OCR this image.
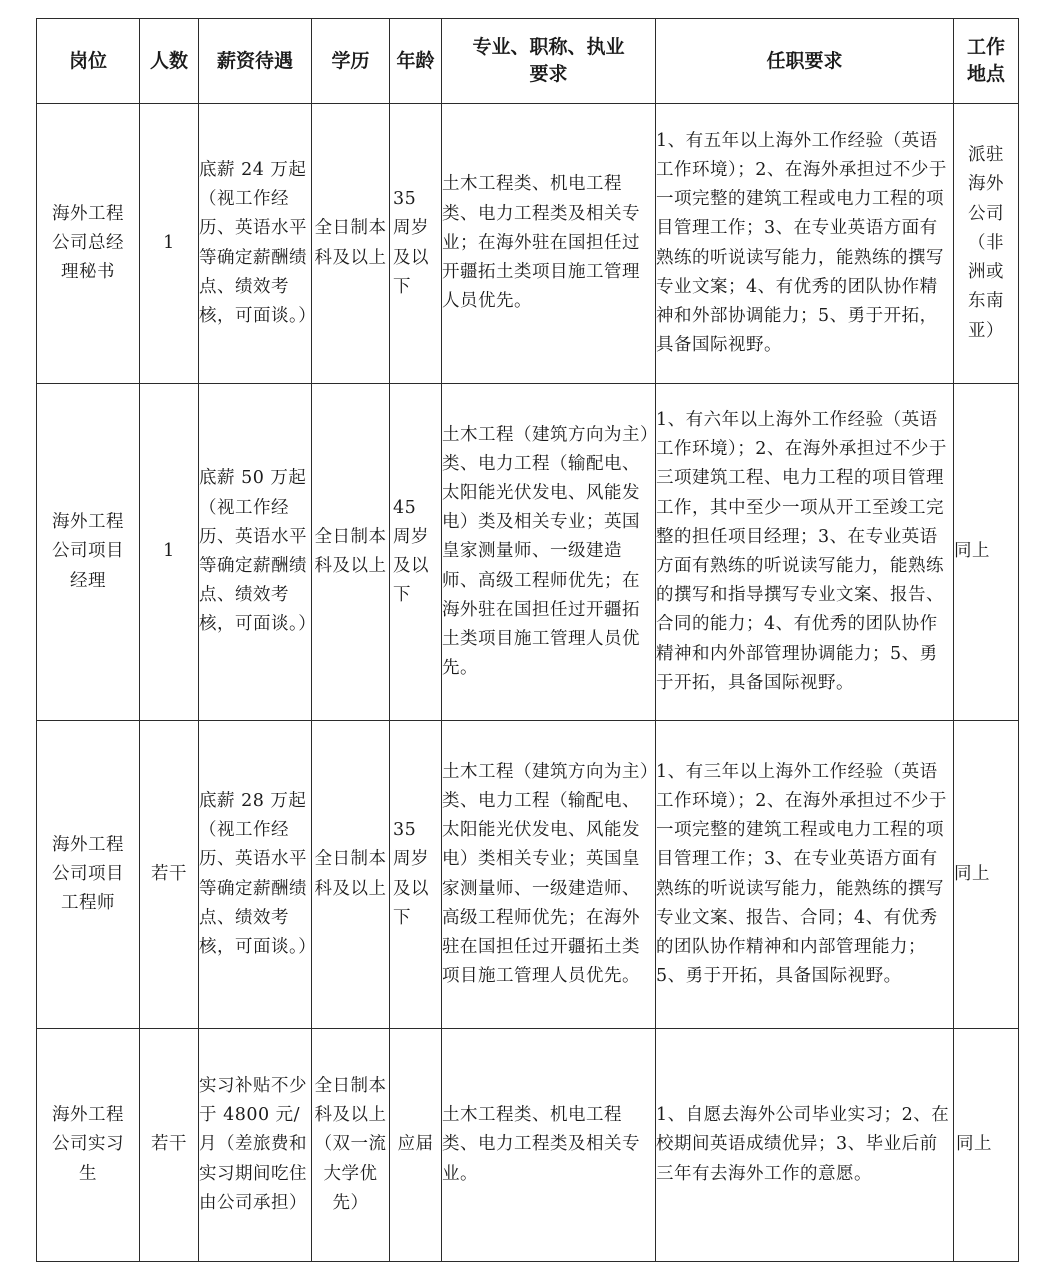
岗位	人数	薪资待遇	学历	年龄	专业、职称、执业要求	任职要求	工作地点
海外工程公司总经理秘书	1	底薪 24 万起（视工作经历、英语水平等确定薪酬绩点、绩效考核，可面谈。）	全日制本科及以上	35 周岁及以下	土木工程类、机电工程类、电力工程类及相关专业；在海外驻在国担任过开疆拓土类项目施工管理人员优先。	1、有五年以上海外工作经验（英语工作环境）；2、在海外承担过不少于一项完整的建筑工程或电力工程的项目管理工作；3、在专业英语方面有熟练的听说读写能力，能熟练的撰写专业文案；4、有优秀的团队协作精神和外部协调能力；5、勇于开拓，具备国际视野。	派驻海外公司（非洲或东南亚）
海外工程公司项目经理	1	底薪 50 万起（视工作经历、英语水平等确定薪酬绩点、绩效考核，可面谈。）	全日制本科及以上	45 周岁及以下	土木工程（建筑方向为主）类、电力工程（输配电、太阳能光伏发电、风能发电）类及相关专业；英国皇家测量师、一级建造师、高级工程师优先；在海外驻在国担任过开疆拓土类项目施工管理人员优先。	1、有六年以上海外工作经验（英语工作环境）；2、在海外承担过不少于三项建筑工程、电力工程的项目管理工作，其中至少一项从开工至竣工完整的担任项目经理；3、在专业英语方面有熟练的听说读写能力，能熟练的撰写和指导撰写专业文案、报告、合同的能力；4、有优秀的团队协作精神和内外部管理协调能力；5、勇于开拓，具备国际视野。	同上
海外工程公司项目工程师	若干	底薪 28 万起（视工作经历、英语水平等确定薪酬绩点、绩效考核，可面谈。）	全日制本科及以上	35 周岁及以下	土木工程（建筑方向为主）类、电力工程（输配电、太阳能光伏发电、风能发电）类相关专业；英国皇家测量师、一级建造师、高级工程师优先；在海外驻在国担任过开疆拓土类项目施工管理人员优先。	1、有三年以上海外工作经验（英语工作环境）；2、在海外承担过不少于一项完整的建筑工程或电力工程的项目管理工作；3、在专业英语方面有熟练的听说读写能力，能熟练的撰写专业文案、报告、合同；4、有优秀的团队协作精神和内部管理能力；5、勇于开拓，具备国际视野。	同上
海外工程公司实习生	若干	实习补贴不少于 4800 元/月（差旅费和实习期间吃住由公司承担）	全日制本科及以上（双一流大学优先）	应届	土木工程类、机电工程类、电力工程类及相关专业。	1、自愿去海外公司毕业实习；2、在校期间英语成绩优异；3、毕业后前三年有去海外工作的意愿。	同上
